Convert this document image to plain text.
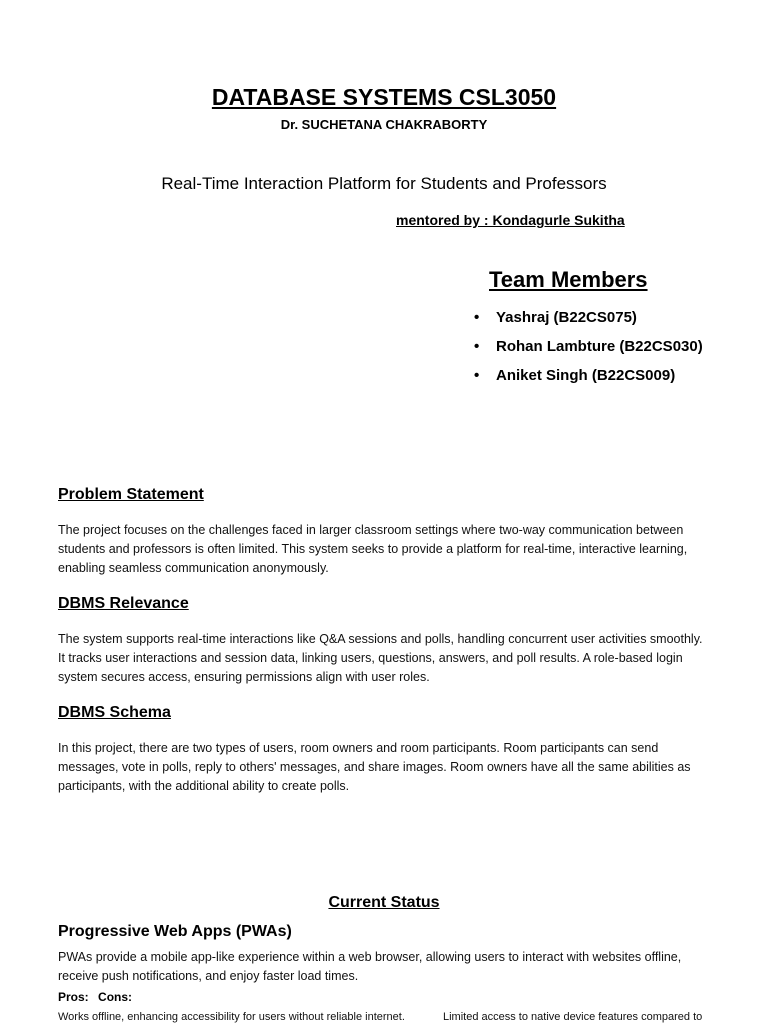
DATABASE SYSTEMS CSL3050
Dr. SUCHETANA CHAKRABORTY
Real-Time Interaction Platform for Students and Professors
mentored by : Kondagurle Sukitha
Team Members
• Yashraj (B22CS075)
• Rohan Lambture (B22CS030)
• Aniket Singh (B22CS009)
Problem Statement
The project focuses on the challenges faced in larger classroom settings where two-way communication between students and professors is often limited. This system seeks to provide a platform for real-time, interactive learning, enabling seamless communication anonymously.
DBMS Relevance
The system supports real-time interactions like Q&A sessions and polls, handling concurrent user activities smoothly. It tracks user interactions and session data, linking users, questions, answers, and poll results. A role-based login system secures access, ensuring permissions align with user roles.
DBMS Schema
In this project, there are two types of users, room owners and room participants. Room participants can send messages, vote in polls, reply to others' messages, and share images. Room owners have all the same abilities as participants, with the additional ability to create polls.
Current Status
Progressive Web Apps (PWAs)
PWAs provide a mobile app-like experience within a web browser, allowing users to interact with websites offline, receive push notifications, and enjoy faster load times.
Pros: Cons:
Works offline, enhancing accessibility for users without reliable internet.	Limited access to native device features compared to
